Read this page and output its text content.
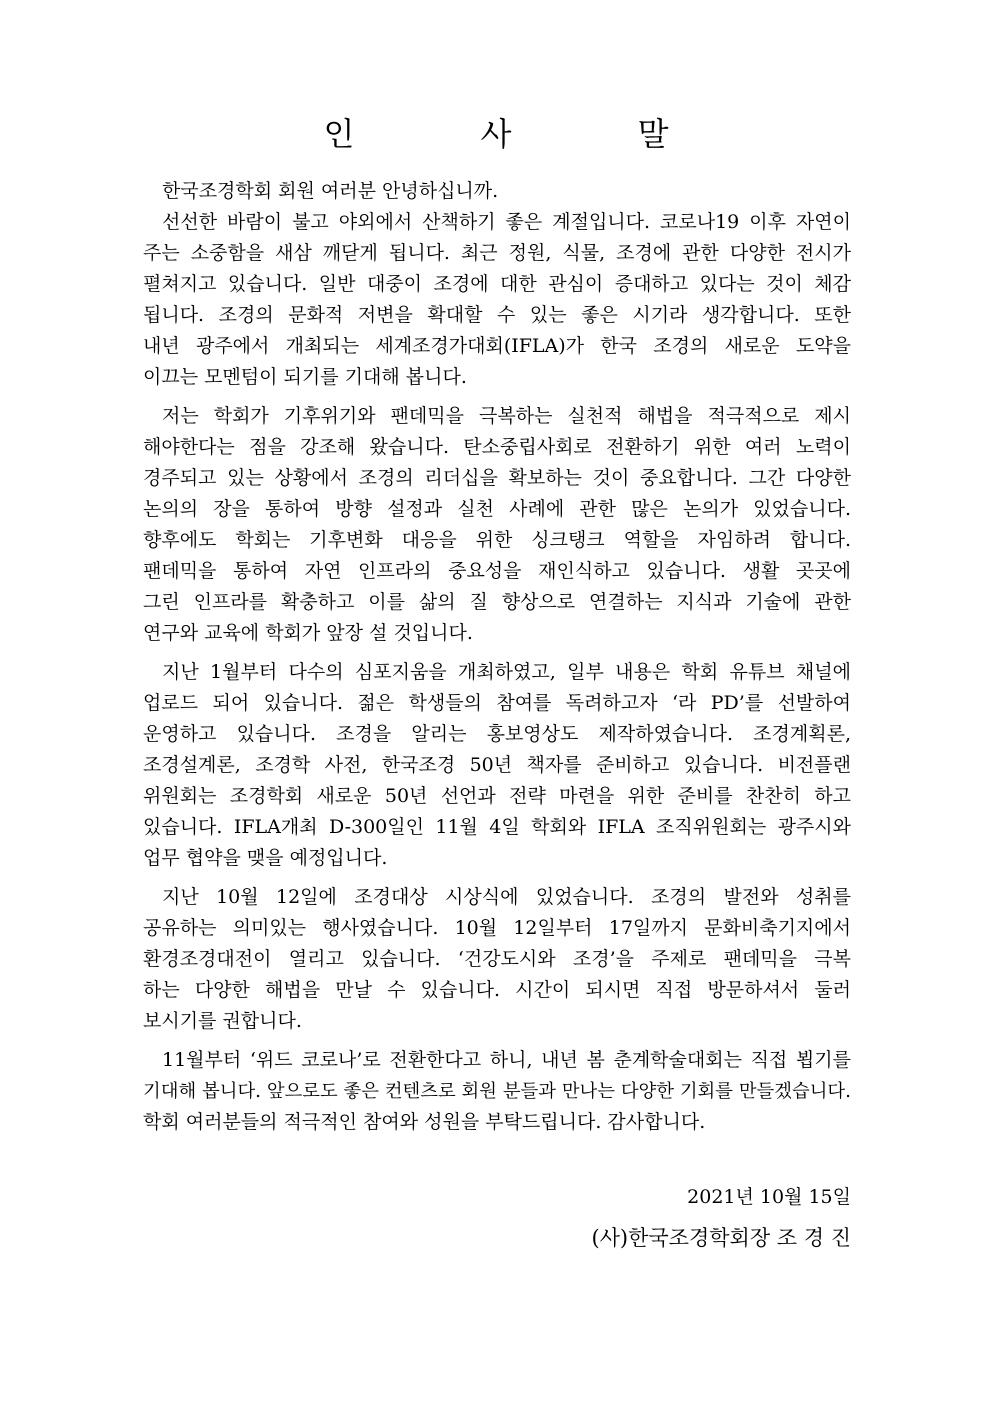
인 사 말
한국조경학회 회원 여러분 안녕하십니까.
선선한 바람이 불고 야외에서 산책하기 좋은 계절입니다. 코로나19 이후 자연이
주는 소중함을 새삼 깨닫게 됩니다. 최근 정원, 식물, 조경에 관한 다양한 전시가
펼쳐지고 있습니다. 일반 대중이 조경에 대한 관심이 증대하고 있다는 것이 체감
됩니다. 조경의 문화적 저변을 확대할 수 있는 좋은 시기라 생각합니다. 또한
내년 광주에서 개최되는 세계조경가대회(IFLA)가 한국 조경의 새로운 도약을
이끄는 모멘텀이 되기를 기대해 봅니다.
저는 학회가 기후위기와 팬데믹을 극복하는 실천적 해법을 적극적으로 제시
해야한다는 점을 강조해 왔습니다. 탄소중립사회로 전환하기 위한 여러 노력이
경주되고 있는 상황에서 조경의 리더십을 확보하는 것이 중요합니다. 그간 다양한
논의의 장을 통하여 방향 설정과 실천 사례에 관한 많은 논의가 있었습니다.
향후에도 학회는 기후변화 대응을 위한 싱크탱크 역할을 자임하려 합니다.
팬데믹을 통하여 자연 인프라의 중요성을 재인식하고 있습니다. 생활 곳곳에
그린 인프라를 확충하고 이를 삶의 질 향상으로 연결하는 지식과 기술에 관한
연구와 교육에 학회가 앞장 설 것입니다.
지난 1월부터 다수의 심포지움을 개최하였고, 일부 내용은 학회 유튜브 채널에
업로드 되어 있습니다. 젊은 학생들의 참여를 독려하고자 ‘라 PD’를 선발하여
운영하고 있습니다. 조경을 알리는 홍보영상도 제작하였습니다. 조경계획론,
조경설계론, 조경학 사전, 한국조경 50년 책자를 준비하고 있습니다. 비전플랜
위원회는 조경학회 새로운 50년 선언과 전략 마련을 위한 준비를 찬찬히 하고
있습니다. IFLA개최 D-300일인 11월 4일 학회와 IFLA 조직위원회는 광주시와
업무 협약을 맺을 예정입니다.
지난 10월 12일에 조경대상 시상식에 있었습니다. 조경의 발전와 성취를
공유하는 의미있는 행사였습니다. 10월 12일부터 17일까지 문화비축기지에서
환경조경대전이 열리고 있습니다. ‘건강도시와 조경’을 주제로 팬데믹을 극복
하는 다양한 해법을 만날 수 있습니다. 시간이 되시면 직접 방문하셔서 둘러
보시기를 권합니다.
11월부터 ‘위드 코로나’로 전환한다고 하니, 내년 봄 춘계학술대회는 직접 뵙기를
기대해 봅니다. 앞으로도 좋은 컨텐츠로 회원 분들과 만나는 다양한 기회를 만들겠습니다.
학회 여러분들의 적극적인 참여와 성원을 부탁드립니다. 감사합니다.
2021년 10월 15일
(사)한국조경학회장 조 경 진
